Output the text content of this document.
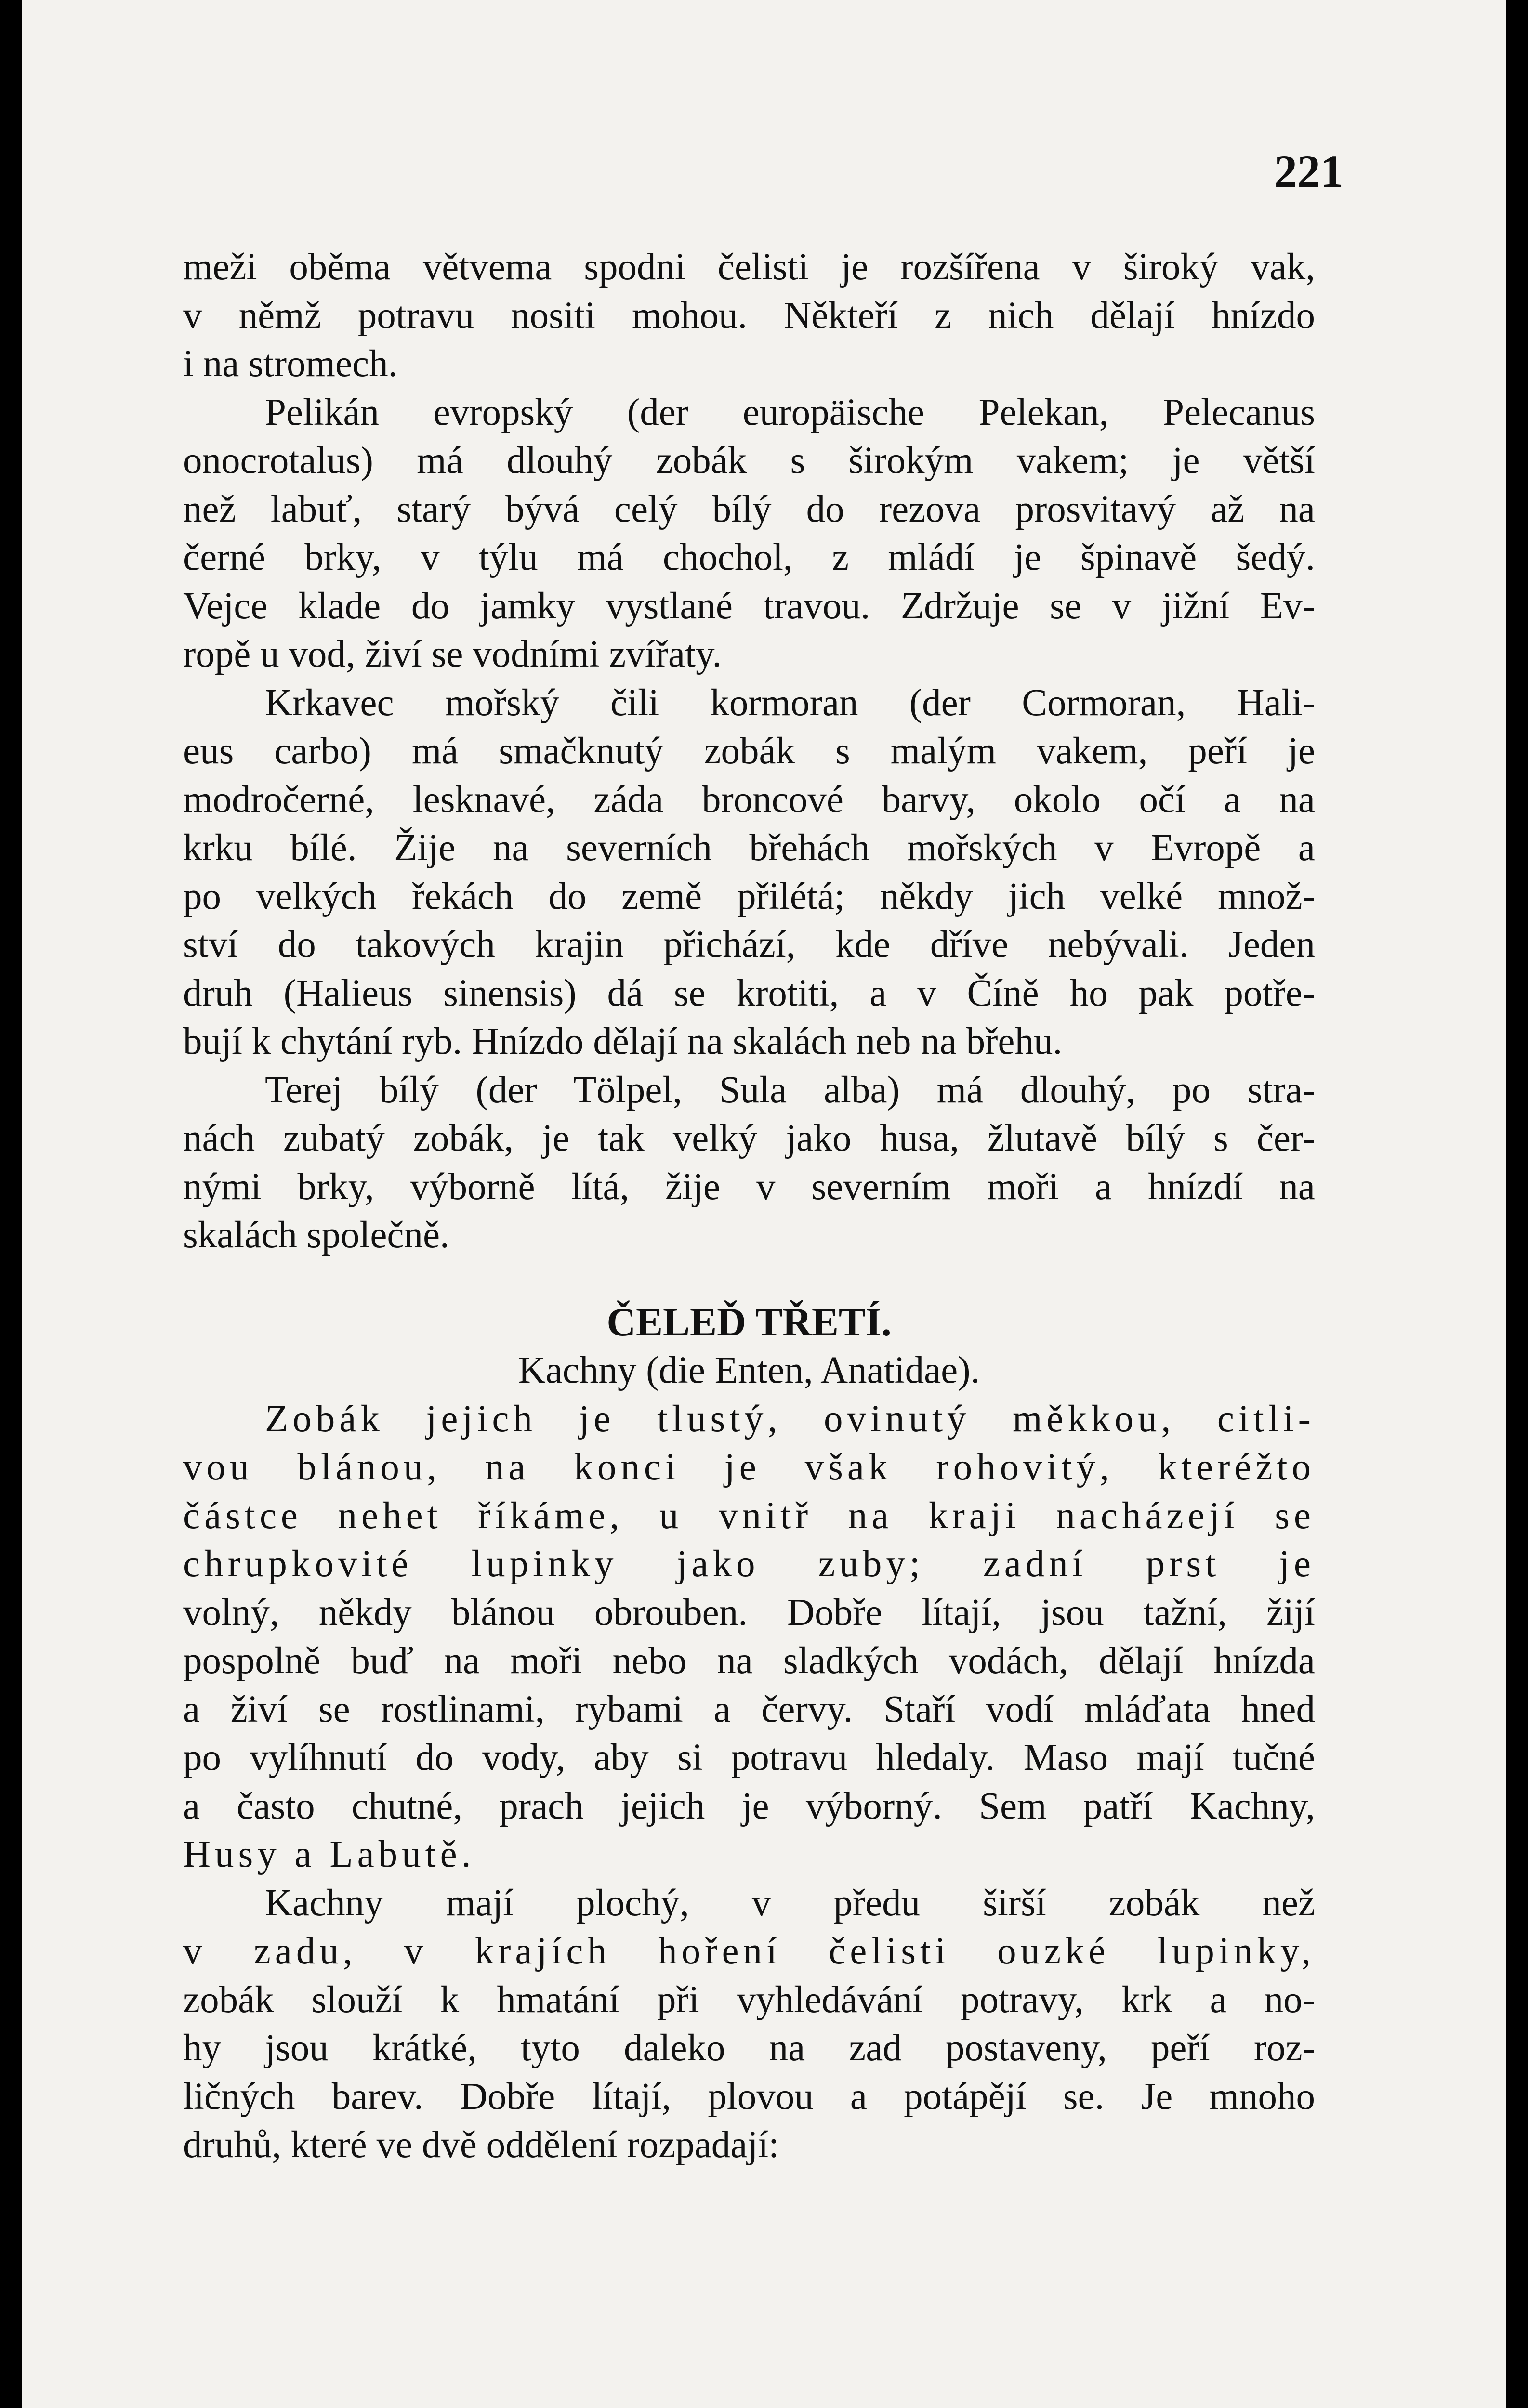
221
meži oběma větvema spodni čelisti je rozšířena v široký vak,
v němž potravu nositi mohou. Někteří z nich dělají hnízdo
i na stromech.
Pelikán evropský (der europäische Pelekan, Pelecanus
onocrotalus) má dlouhý zobák s širokým vakem; je větší
než labuť, starý bývá celý bílý do rezova prosvitavý až na
černé brky, v týlu má chochol, z mládí je špinavě šedý.
Vejce klade do jamky vystlané travou. Zdržuje se v jižní Ev-
ropě u vod, živí se vodními zvířaty.
Krkavec mořský čili kormoran (der Cormoran, Hali-
eus carbo) má smačknutý zobák s malým vakem, peří je
modročerné, lesknavé, záda broncové barvy, okolo očí a na
krku bílé. Žije na severních břehách mořských v Evropě a
po velkých řekách do země přilétá; někdy jich velké množ-
ství do takových krajin přichází, kde dříve nebývali. Jeden
druh (Halieus sinensis) dá se krotiti, a v Číně ho pak potře-
bují k chytání ryb. Hnízdo dělají na skalách neb na břehu.
Terej bílý (der Tölpel, Sula alba) má dlouhý, po stra-
nách zubatý zobák, je tak velký jako husa, žlutavě bílý s čer-
nými brky, výborně lítá, žije v severním moři a hnízdí na
skalách společně.
ČELEĎ TŘETÍ.
Kachny (die Enten, Anatidae).
Zobák jejich je tlustý, ovinutý měkkou, citli-
vou blánou, na konci je však rohovitý, kteréžto
částce nehet říkáme, u vnitř na kraji nacházejí se
chrupkovité lupinky jako zuby; zadní prst je
volný, někdy blánou obrouben. Dobře lítají, jsou tažní, žijí
pospolně buď na moři nebo na sladkých vodách, dělají hnízda
a živí se rostlinami, rybami a červy. Staří vodí mláďata hned
po vylíhnutí do vody, aby si potravu hledaly. Maso mají tučné
a často chutné, prach jejich je výborný. Sem patří Kachny,
Husy a Labutě.
Kachny mají plochý, v předu širší zobák než
v zadu, v krajích hoření čelisti ouzké lupinky,
zobák slouží k hmatání při vyhledávání potravy, krk a no-
hy jsou krátké, tyto daleko na zad postaveny, peří roz-
ličných barev. Dobře lítají, plovou a potápějí se. Je mnoho
druhů, které ve dvě oddělení rozpadají:
